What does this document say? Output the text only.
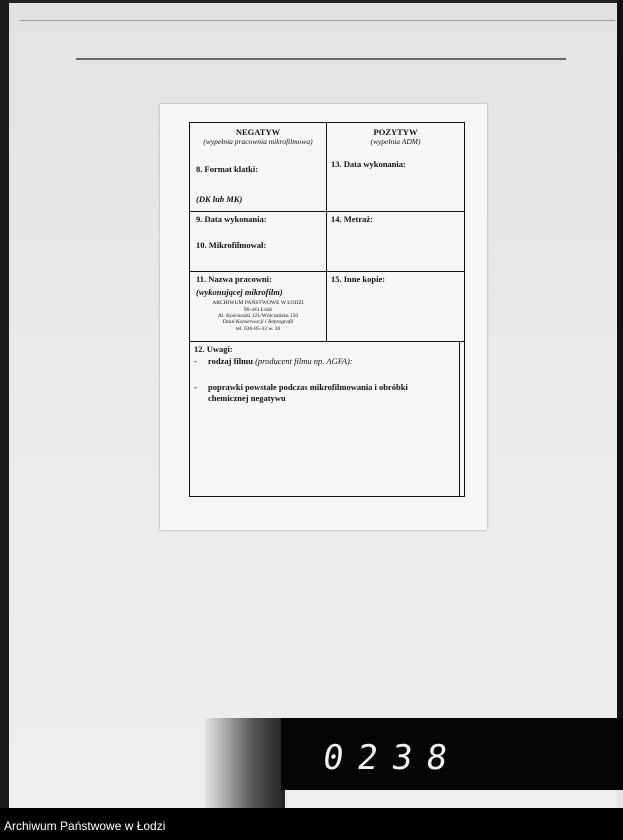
NEGATYW
(wypełnia pracownia mikrofilmowa)
8. Format klatki:
(DK lub MK)
POZYTYW
(wypełnia ADM)
13. Data wykonania:
9. Data wykonania:
10. Mikrofilmował:
14. Metraż:
11. Nazwa pracowni:
(wykonującej mikrofilm)
ARCHIWUM PAŃSTWOWE W ŁODZI
90-441 Łódź
Al. Kościuszki 121/Wólczańska 150
Dział Konserwacji i Reprografii
tel. 636-85-33 w. 16
15. Inne kopie:
12. Uwagi:
-	rodzaj filmu (producent filmu np. AGFA):
-	poprawki powstałe podczas mikrofilmowania i obróbki chemicznej negatywu
0238
Archiwum Państwowe w Łodzi
